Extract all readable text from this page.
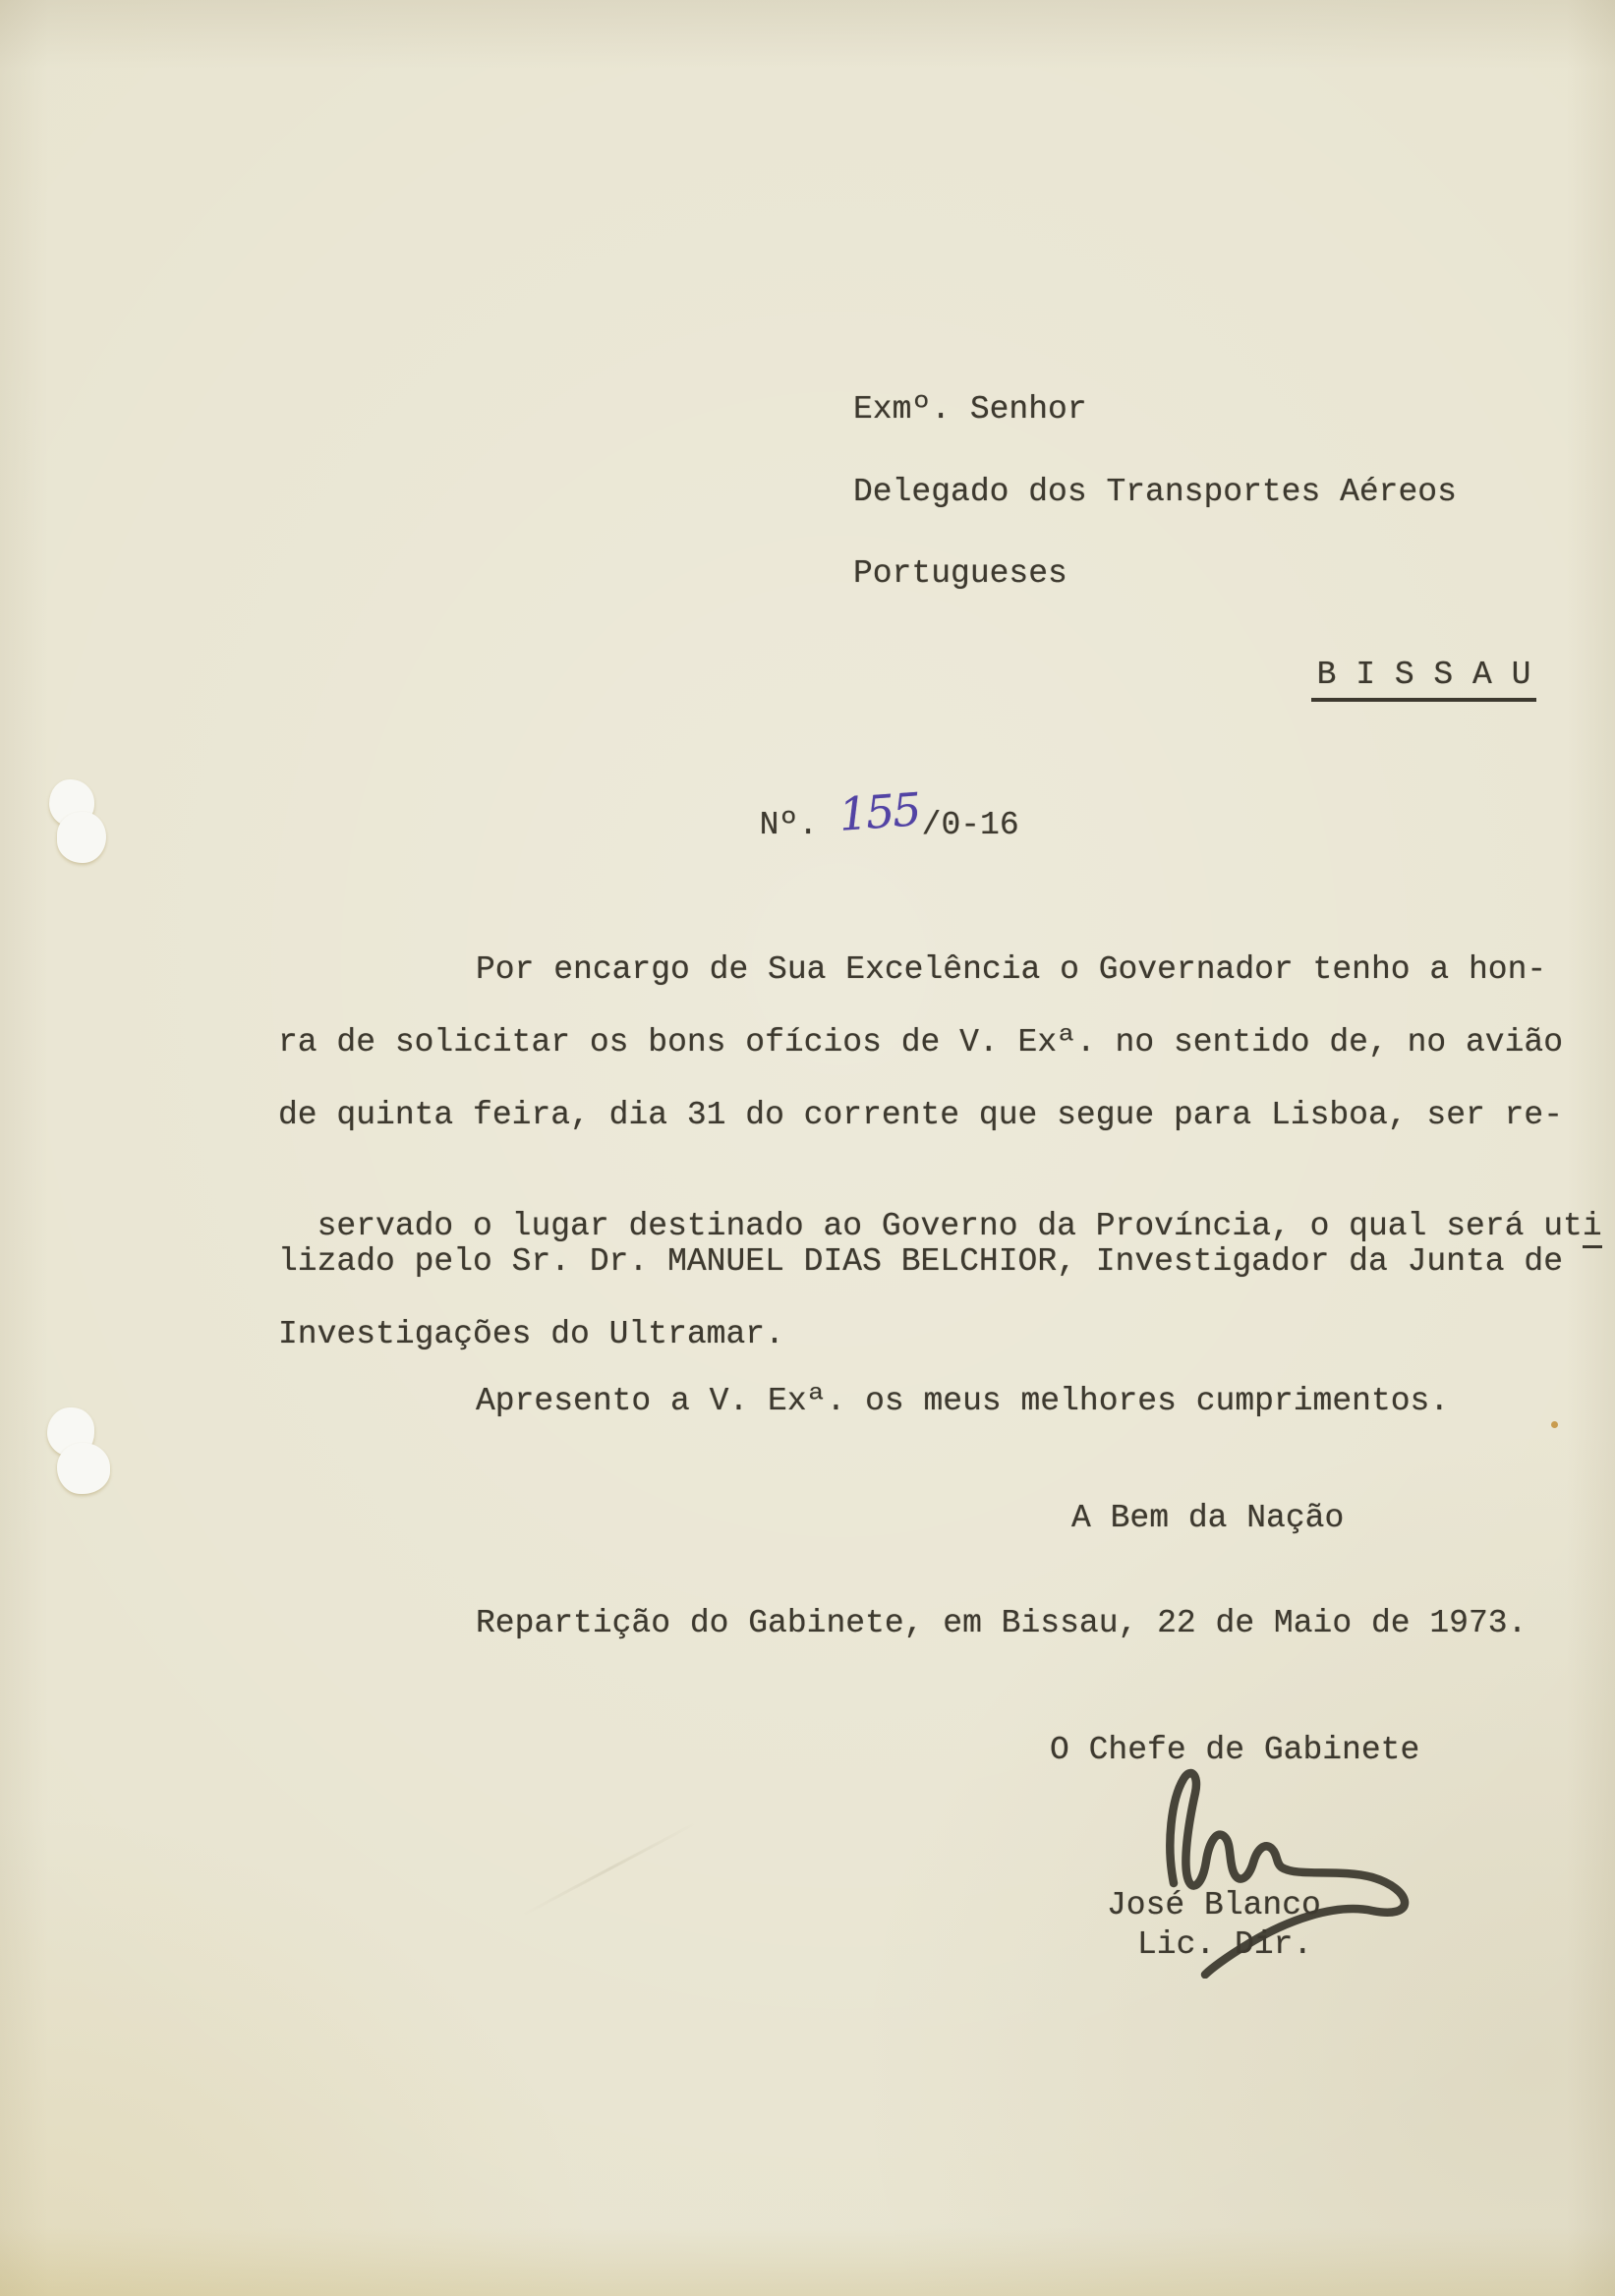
Exmº. Senhor
Delegado dos Transportes Aéreos
Portugueses

B I S S A U

Nº. 155/0-16

Por encargo de Sua Excelência o Governador tenho a hon-
ra de solicitar os bons ofícios de V. Exª. no sentido de, no avião
de quinta feira, dia 31 do corrente que segue para Lisboa, ser re-

servado o lugar destinado ao Governo da Província, o qual será uti

lizado pelo Sr. Dr. MANUEL DIAS BELCHIOR, Investigador da Junta de
Investigações do Ultramar.
Apresento a V. Exª. os meus melhores cumprimentos.
A Bem da Nação
Repartição do Gabinete, em Bissau, 22 de Maio de 1973.
O Chefe de Gabinete
José Blanco
Lic. Dir.
